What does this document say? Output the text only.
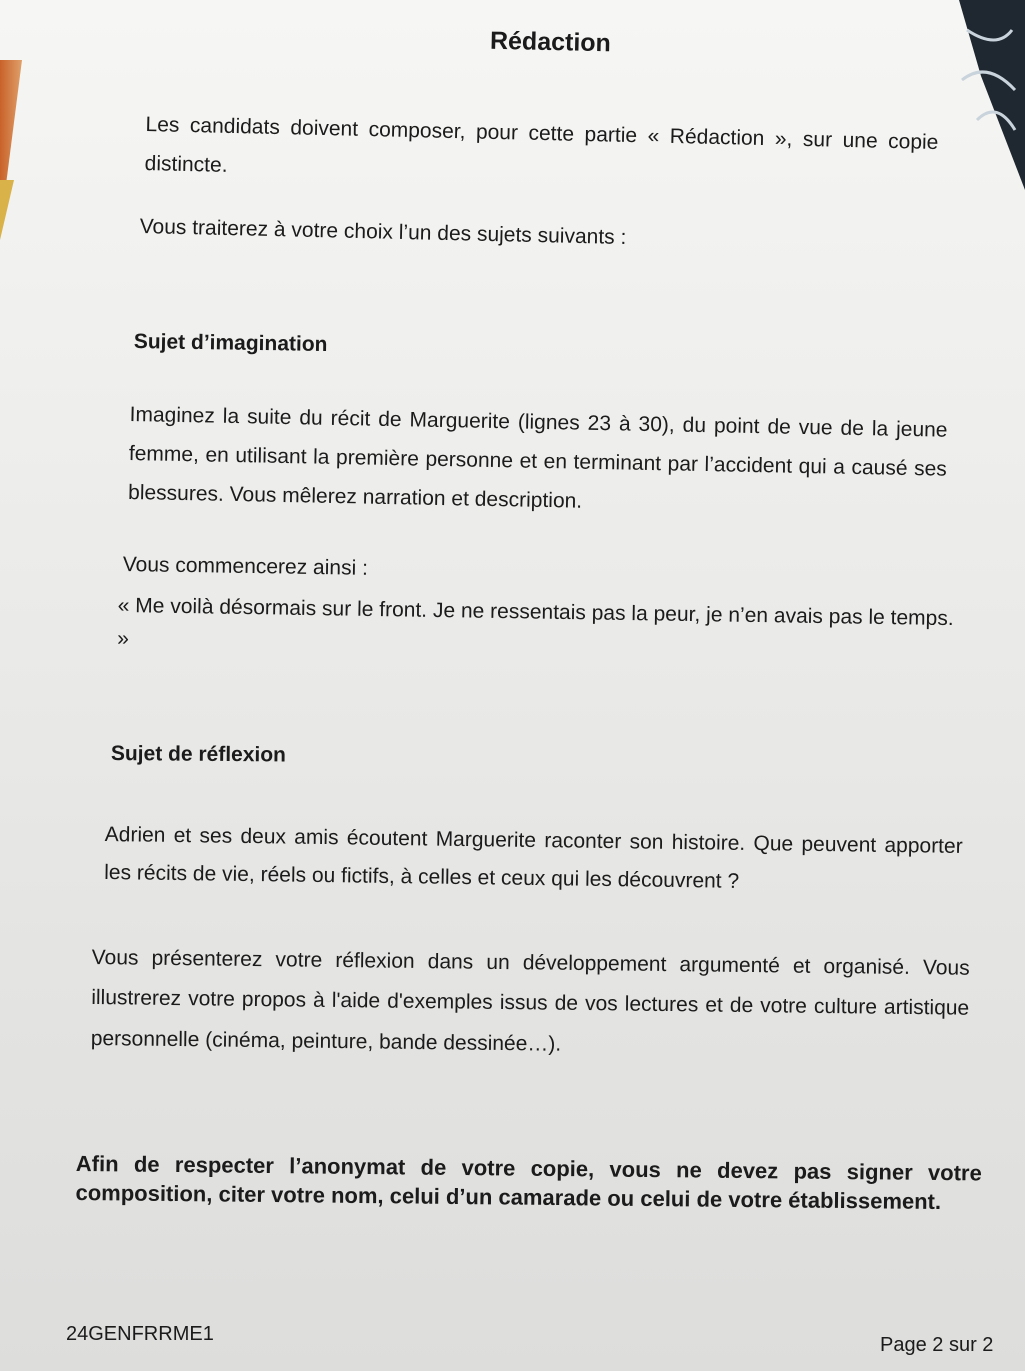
Rédaction
Les candidats doivent composer, pour cette partie « Rédaction », sur une copie distincte.
Vous traiterez à votre choix l’un des sujets suivants :
Sujet d’imagination
Imaginez la suite du récit de Marguerite (lignes 23 à 30), du point de vue de la jeune femme, en utilisant la première personne et en terminant par l’accident qui a causé ses blessures. Vous mêlerez narration et description.
Vous commencerez ainsi :
« Me voilà désormais sur le front. Je ne ressentais pas la peur, je n’en avais pas le temps. »
Sujet de réflexion
Adrien et ses deux amis écoutent Marguerite raconter son histoire. Que peuvent apporter les récits de vie, réels ou fictifs, à celles et ceux qui les découvrent ?
Vous présenterez votre réflexion dans un développement argumenté et organisé. Vous illustrerez votre propos à l'aide d'exemples issus de vos lectures et de votre culture artistique personnelle (cinéma, peinture, bande dessinée…).
Afin de respecter l’anonymat de votre copie, vous ne devez pas signer votre composition, citer votre nom, celui d’un camarade ou celui de votre établissement.
24GENFRRME1	Page 2 sur 2
